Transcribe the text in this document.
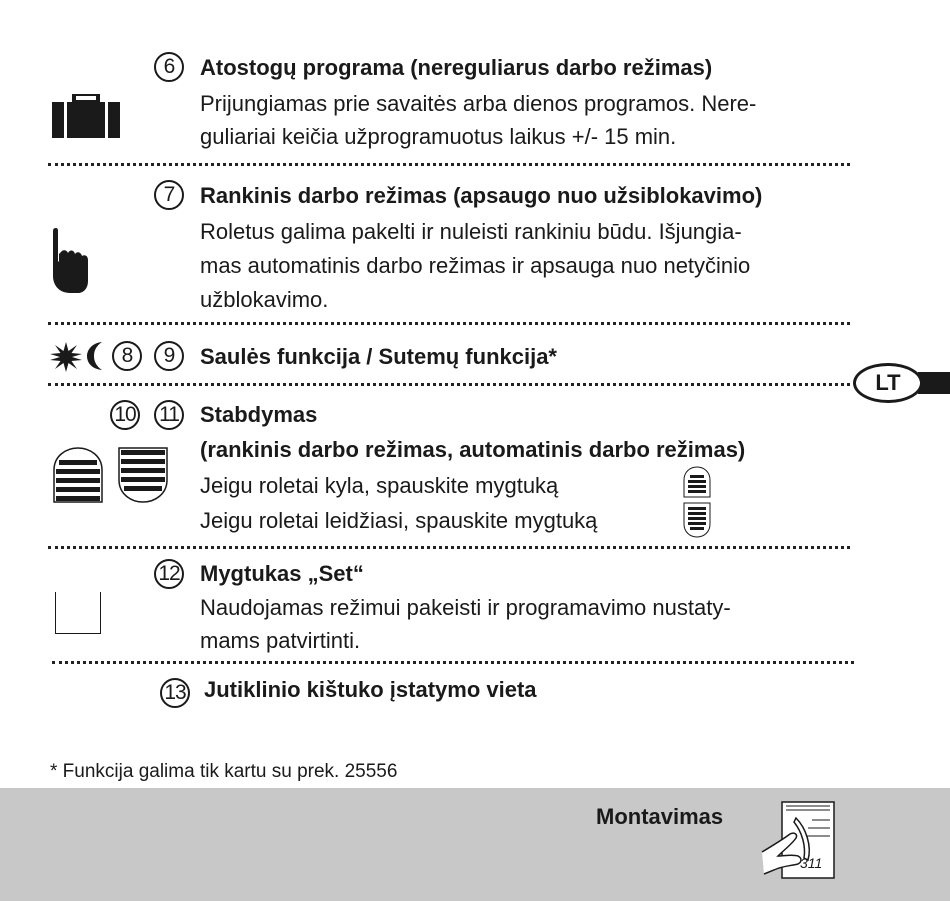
6	Atostogų programa (nereguliarus darbo režimas)
Prijungiamas prie savaitės arba dienos programos. Nere-
guliariai keičia užprogramuotus laikus +/- 15 min.
7	Rankinis darbo režimas (apsaugo nuo užsiblokavimo)
Roletus galima pakelti ir nuleisti rankiniu būdu. Išjungia-
mas automatinis darbo režimas ir apsauga nuo netyčinio
užblokavimo.
8	9	Saulės funkcija / Sutemų funkcija*
LT
10 11 Stabdymas
(rankinis darbo režimas, automatinis darbo režimas)
Jeigu roletai kyla, spauskite mygtuką
Jeigu roletai leidžiasi, spauskite mygtuką
12 Mygtukas „Set“
Naudojamas režimui pakeisti ir programavimo nustaty-
mams patvirtinti.
13 Jutiklinio kištuko įstatymo vieta
* Funkcija galima tik kartu su prek. 25556
Montavimas
311
